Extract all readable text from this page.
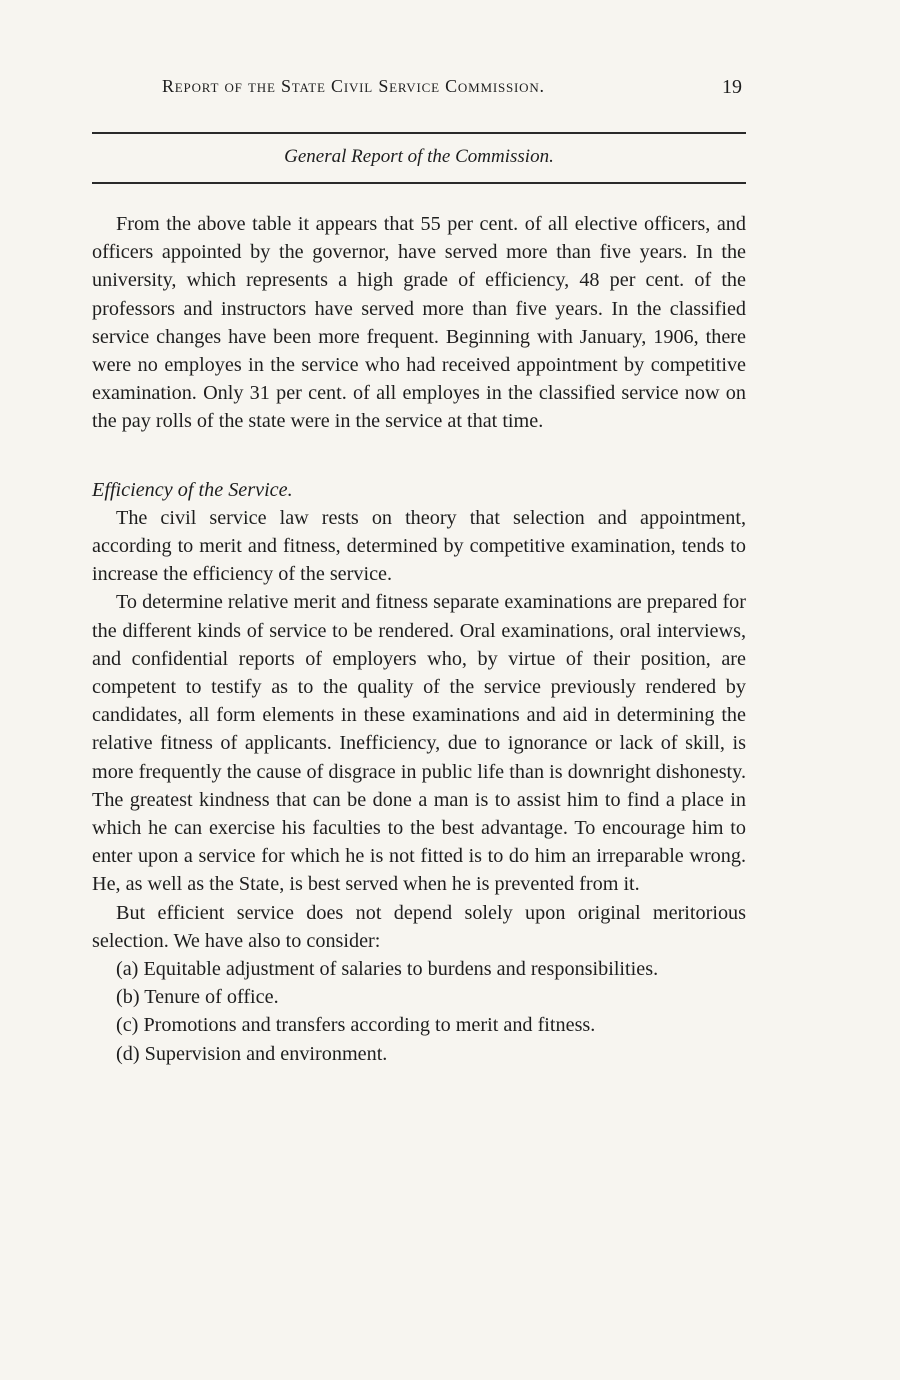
Report of the State Civil Service Commission.	19
General Report of the Commission.

From the above table it appears that 55 per cent. of all elective officers, and officers appointed by the governor, have served more than five years. In the university, which represents a high grade of efficiency, 48 per cent. of the professors and instructors have served more than five years. In the classified service changes have been more frequent. Beginning with January, 1906, there were no employes in the service who had received appointment by competitive examination. Only 31 per cent. of all employes in the classified service now on the pay rolls of the state were in the service at that time.

Efficiency of the Service.

The civil service law rests on theory that selection and appointment, according to merit and fitness, determined by competitive examination, tends to increase the efficiency of the service.

To determine relative merit and fitness separate examinations are prepared for the different kinds of service to be rendered. Oral examinations, oral interviews, and confidential reports of employers who, by virtue of their position, are competent to testify as to the quality of the service previously rendered by candidates, all form elements in these examinations and aid in determining the relative fitness of applicants. Inefficiency, due to ignorance or lack of skill, is more frequently the cause of disgrace in public life than is downright dishonesty. The greatest kindness that can be done a man is to assist him to find a place in which he can exercise his faculties to the best advantage. To encourage him to enter upon a service for which he is not fitted is to do him an irreparable wrong. He, as well as the State, is best served when he is prevented from it.

But efficient service does not depend solely upon original meritorious selection. We have also to consider:

(a) Equitable adjustment of salaries to burdens and responsibilities.

(b) Tenure of office.

(c) Promotions and transfers according to merit and fitness.

(d) Supervision and environment.
